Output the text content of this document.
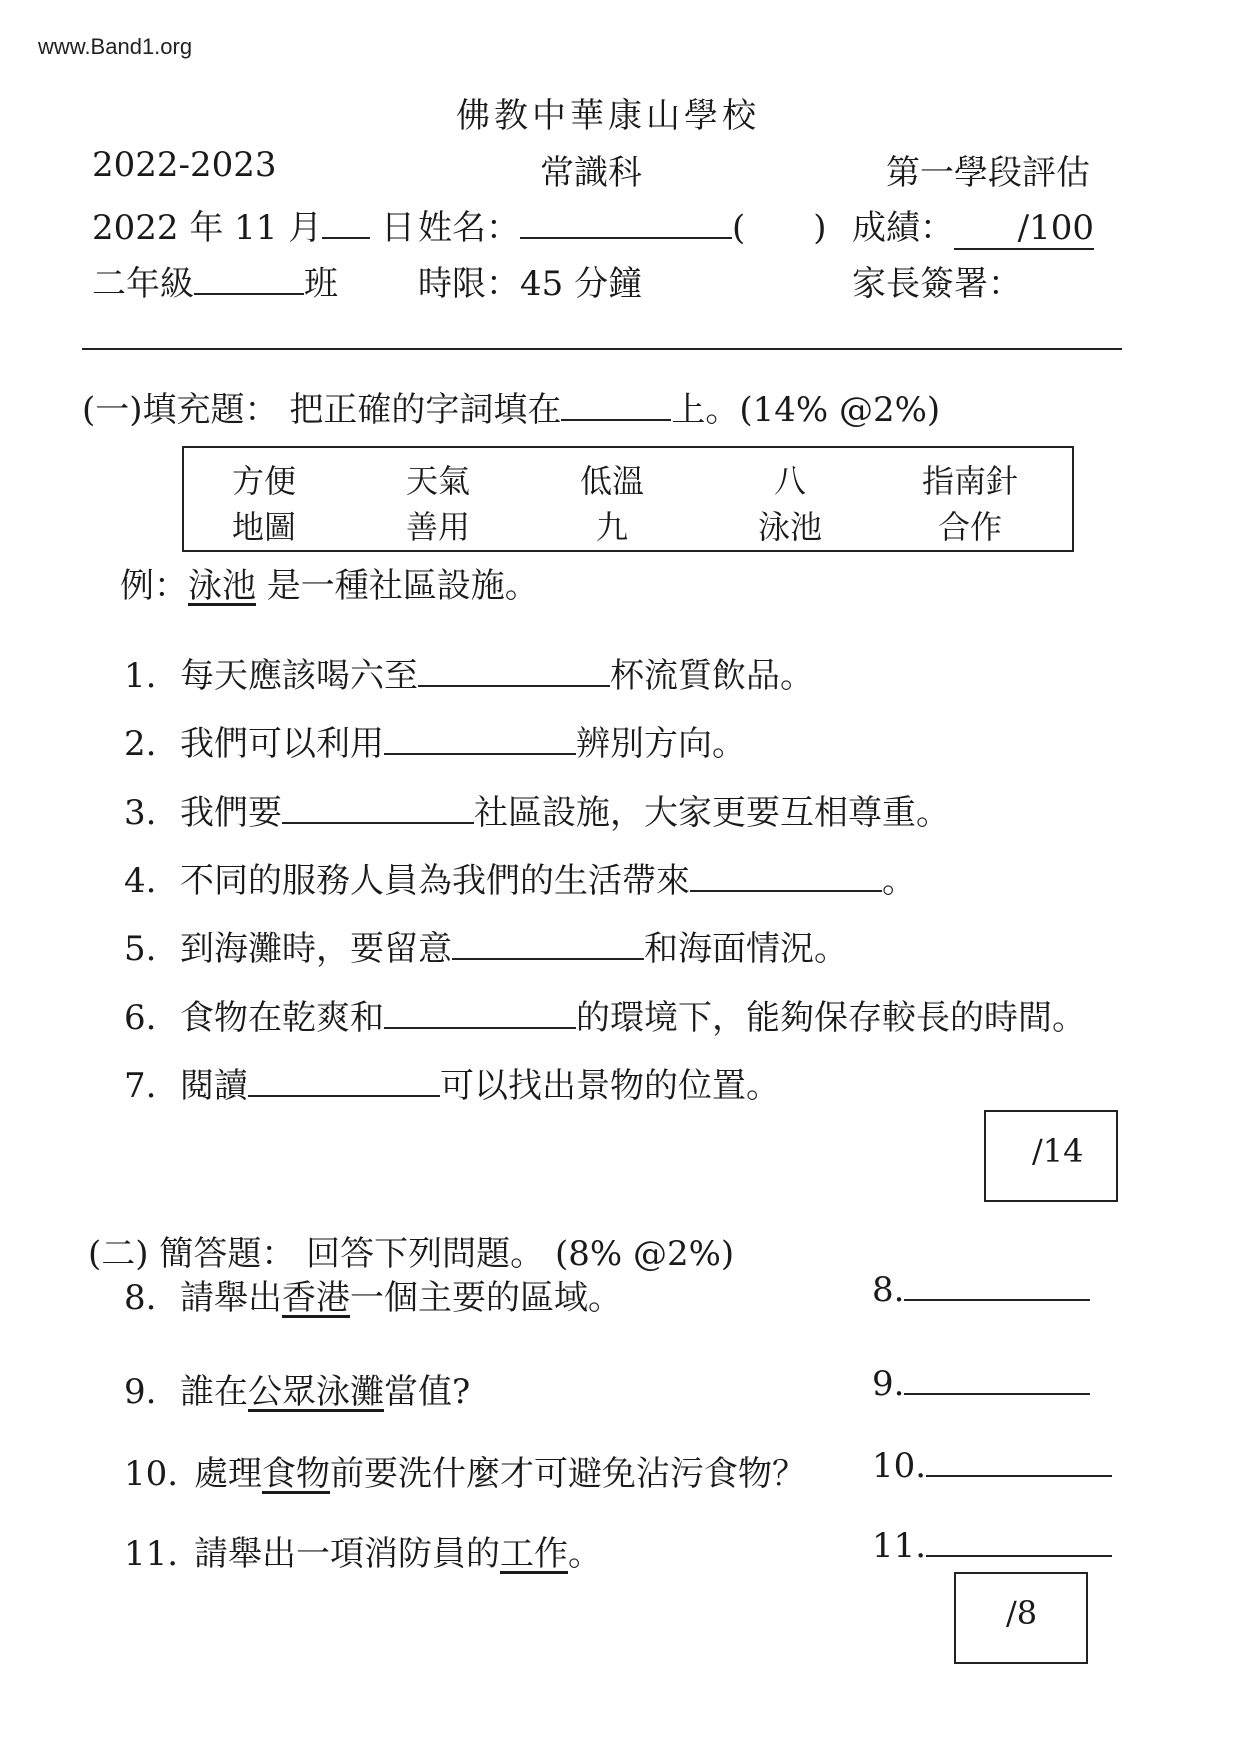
www.Band1.org
佛教中華康山學校
2022-2023	常識科	第一學段評估
2022 年 11 月 日 姓名：	(　　) 成績： /100
二年級	班 時限：45 分鐘	家長簽署：
(一)填充題： 把正確的字詞填在	上。(14% @2%)
方便	天氣	低溫	八	指南針
地圖	善用	九	泳池	合作
例：泳池 是一種社區設施。
1. 每天應該喝六至	杯流質飲品。
2. 我們可以利用	辨別方向。
3. 我們要	社區設施，大家更要互相尊重。
4. 不同的服務人員為我們的生活帶來	。
5. 到海灘時，要留意	和海面情況。
6. 食物在乾爽和	的環境下，能夠保存較長的時間。
7. 閱讀	可以找出景物的位置。
/14
(二) 簡答題： 回答下列問題。 (8% @2%)
8. 請舉出香港一個主要的區域。	8.
9. 誰在公眾泳灘當值?	9.
10. 處理食物前要洗什麼才可避免沾污食物？ 10.
11. 請舉出一項消防員的工作。	11.
/8
